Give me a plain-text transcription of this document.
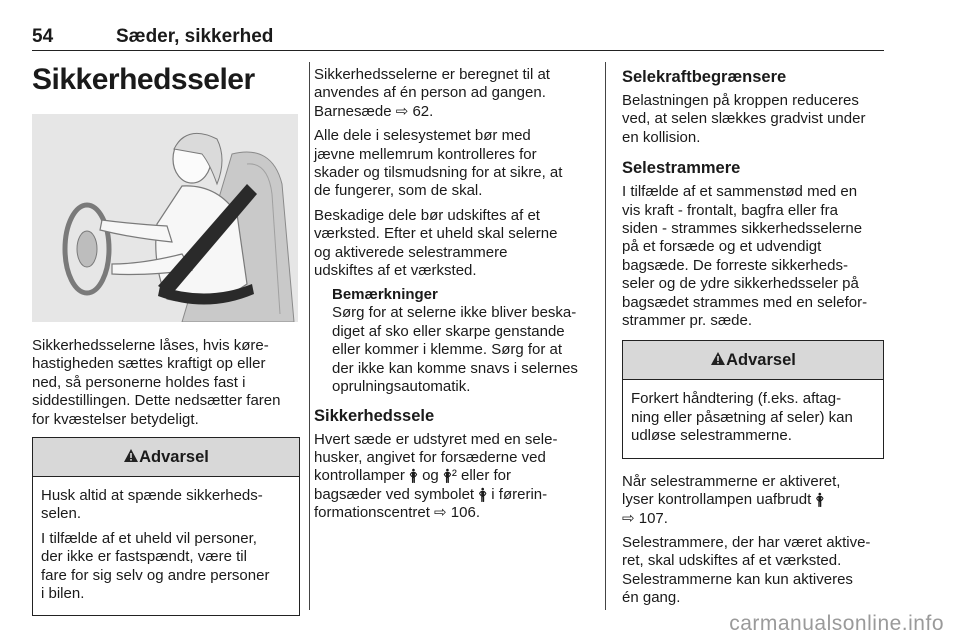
54	Sæder, sikkerhed
Sikkerhedsseler

Sikkerhedsselerne låses, hvis køre-
hastigheden sættes kraftigt op eller
ned, så personerne holdes fast i
siddestillingen. Dette nedsætter faren
for kvæstelser betydeligt.

Advarsel

Husk altid at spænde sikkerheds-
selen.

I tilfælde af et uheld vil personer,
der ikke er fastspændt, være til
fare for sig selv og andre personer
i bilen.

Sikkerhedsselerne er beregnet til at
anvendes af én person ad gangen.
Barnesæde ⇨ 62.

Alle dele i selesystemet bør med
jævne mellemrum kontrolleres for
skader og tilsmudsning for at sikre, at
de fungerer, som de skal.

Beskadige dele bør udskiftes af et
værksted. Efter et uheld skal selerne
og aktiverede selestrammere
udskiftes af et værksted.

Bemærkninger

Sørg for at selerne ikke bliver beska-
diget af sko eller skarpe genstande
eller kommer i klemme. Sørg for at
der ikke kan komme snavs i selernes
oprulningsautomatik.

Sikkerhedssele

Hvert sæde er udstyret med en sele-
husker, angivet for forsæderne ved
kontrollamper 🛉 og 🛉² eller for
bagsæder ved symbolet 🛉 i førerin-
formationscentret ⇨ 106.

Selekraftbegrænsere

Belastningen på kroppen reduceres
ved, at selen slækkes gradvist under
en kollision.

Selestrammere

I tilfælde af et sammenstød med en
vis kraft - frontalt, bagfra eller fra
siden - strammes sikkerhedsselerne
på et forsæde og et udvendigt
bagsæde. De forreste sikkerheds-
seler og de ydre sikkerhedsseler på
bagsædet strammes med en selefor-
strammer pr. sæde.

Advarsel

Forkert håndtering (f.eks. aftag-
ning eller påsætning af seler) kan
udløse selestrammerne.

Når selestrammerne er aktiveret,
lyser kontrollampen uafbrudt 🛉
⇨ 107.

Selestrammere, der har været aktive-
ret, skal udskiftes af et værksted.
Selestrammerne kan kun aktiveres
én gang.

carmanualsonline.info
